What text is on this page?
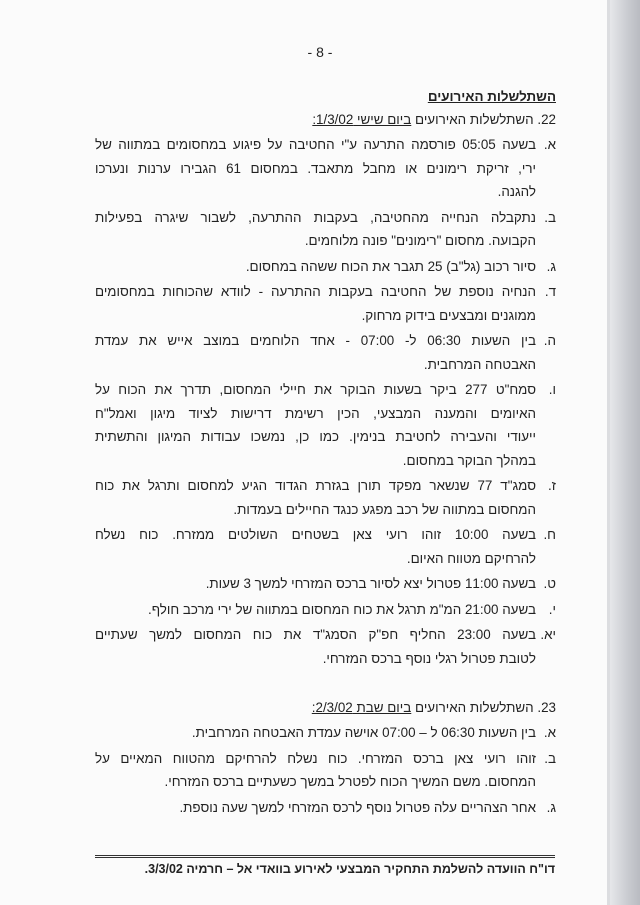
- 8 -
השתלשלות האירועים
22. השתלשלות האירועים ביום שישי 1/3/02:
א.
בשעה 05:05 פורסמה התרעה ע"י החטיבה על פיגוע במחסומים במתווה של
ירי, זריקת רימונים או מחבל מתאבד. במחסום 61 הגבירו ערנות ונערכו
להגנה.
ב.
נתקבלה הנחייה מהחטיבה, בעקבות ההתרעה, לשבור שיגרה בפעילות
הקבועה. מחסום "רימונים" פונה מלוחמים.
ג.
סיור רכוב (גל"ב) 25 תגבר את הכוח ששהה במחסום.
ד.
הנחיה נוספת של החטיבה בעקבות ההתרעה - לוודא שהכוחות במחסומים
ממוגנים ומבצעים בידוק מרחוק.
ה.
בין השעות 06:30 ל- 07:00 - אחד הלוחמים במוצב אייש את עמדת
האבטחה המרחבית.
ו.
סמח"ט 277 ביקר בשעות הבוקר את חיילי המחסום, תדרך את הכוח על
האיומים והמענה המבצעי, הכין רשימת דרישות לציוד מיגון ואמל"ח
ייעודי והעבירה לחטיבת בנימין. כמו כן, נמשכו עבודות המיגון והתשתית
במהלך הבוקר במחסום.
ז.
סמג"ד 77 שנשאר מפקד תורן בגזרת הגדוד הגיע למחסום ותרגל את כוח
המחסום במתווה של רכב מפגע כנגד החיילים בעמדות.
ח.
בשעה 10:00 זוהו רועי צאן בשטחים השולטים ממזרח. כוח נשלח
להרחיקם מטווח האיום.
ט.
בשעה 11:00 פטרול יצא לסיור ברכס המזרחי למשך 3 שעות.
י.
בשעה 21:00 המ"מ תרגל את כוח המחסום במתווה של ירי מרכב חולף.
יא.
בשעה 23:00 החליף חפ"ק הסמג"ד את כוח המחסום למשך שעתיים
לטובת פטרול רגלי נוסף ברכס המזרחי.
23. השתלשלות האירועים ביום שבת 2/3/02:
א.
בין השעות 06:30 ל – 07:00 אוישה עמדת האבטחה המרחבית.
ב.
זוהו רועי צאן ברכס המזרחי. כוח נשלח להרחיקם מהטווח המאיים על
המחסום. משם המשיך הכוח לפטרל במשך כשעתיים ברכס המזרחי.
ג.
אחר הצהריים עלה פטרול נוסף לרכס המזרחי למשך שעה נוספת.
דו"ח הוועדה להשלמת התחקיר המבצעי לאירוע בוואדי אל – חרמיה 3/3/02.
